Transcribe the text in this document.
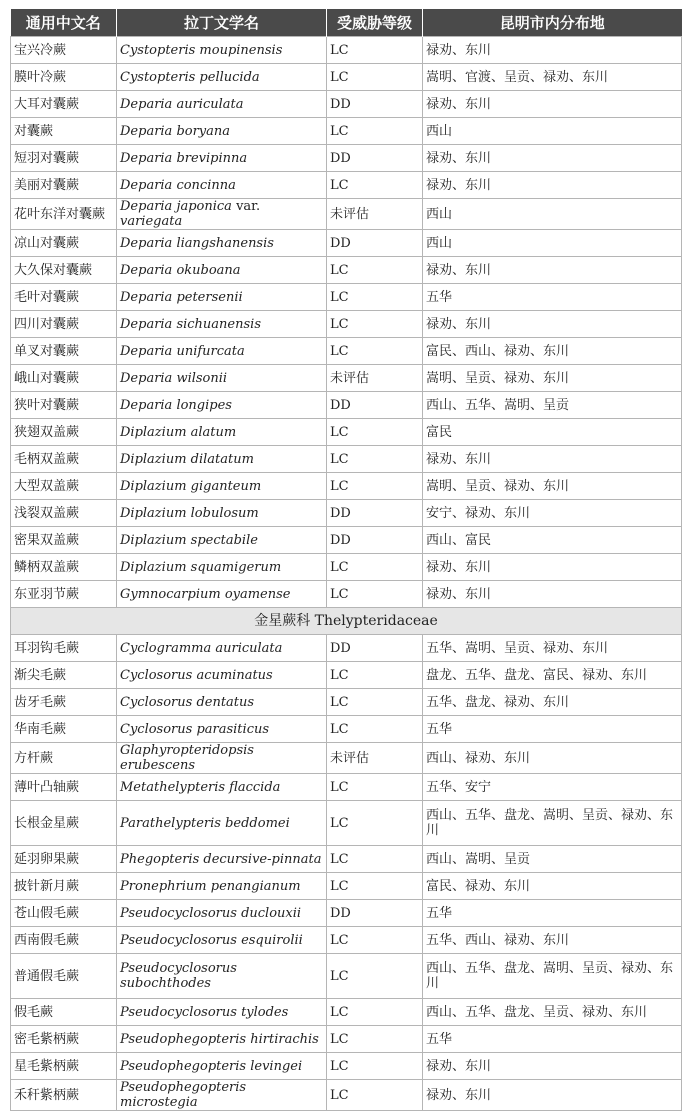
通用中文名	拉丁文学名	受威胁等级	昆明市内分布地
宝兴冷蕨	Cystopteris moupinensis	LC	禄劝、东川
膜叶冷蕨	Cystopteris pellucida	LC	嵩明、官渡、呈贡、禄劝、东川
大耳对囊蕨	Deparia auriculata	DD	禄劝、东川
对囊蕨	Deparia boryana	LC	西山
短羽对囊蕨	Deparia brevipinna	DD	禄劝、东川
美丽对囊蕨	Deparia concinna	LC	禄劝、东川
花叶东洋对囊蕨	Deparia japonica var. variegata	未评估	西山
凉山对囊蕨	Deparia liangshanensis	DD	西山
大久保对囊蕨	Deparia okuboana	LC	禄劝、东川
毛叶对囊蕨	Deparia petersenii	LC	五华
四川对囊蕨	Deparia sichuanensis	LC	禄劝、东川
单叉对囊蕨	Deparia unifurcata	LC	富民、西山、禄劝、东川
峨山对囊蕨	Deparia wilsonii	未评估	嵩明、呈贡、禄劝、东川
狭叶对囊蕨	Deparia longipes	DD	西山、五华、嵩明、呈贡
狭翅双盖蕨	Diplazium alatum	LC	富民
毛柄双盖蕨	Diplazium dilatatum	LC	禄劝、东川
大型双盖蕨	Diplazium giganteum	LC	嵩明、呈贡、禄劝、东川
浅裂双盖蕨	Diplazium lobulosum	DD	安宁、禄劝、东川
密果双盖蕨	Diplazium spectabile	DD	西山、富民
鳞柄双盖蕨	Diplazium squamigerum	LC	禄劝、东川
东亚羽节蕨	Gymnocarpium oyamense	LC	禄劝、东川
金星蕨科 Thelypteridaceae			
耳羽钩毛蕨	Cyclogramma auriculata	DD	五华、嵩明、呈贡、禄劝、东川
渐尖毛蕨	Cyclosorus acuminatus	LC	盘龙、五华、盘龙、富民、禄劝、东川
齿牙毛蕨	Cyclosorus dentatus	LC	五华、盘龙、禄劝、东川
华南毛蕨	Cyclosorus parasiticus	LC	五华
方杆蕨	Glaphyropteridopsis erubescens	未评估	西山、禄劝、东川
薄叶凸轴蕨	Metathelypteris flaccida	LC	五华、安宁
长根金星蕨	Parathelypteris beddomei	LC	西山、五华、盘龙、嵩明、呈贡、禄劝、东川
延羽卵果蕨	Phegopteris decursive-pinnata	LC	西山、嵩明、呈贡
披针新月蕨	Pronephrium penangianum	LC	富民、禄劝、东川
苍山假毛蕨	Pseudocyclosorus duclouxii	DD	五华
西南假毛蕨	Pseudocyclosorus esquirolii	LC	五华、西山、禄劝、东川
普通假毛蕨	Pseudocyclosorus subochthodes	LC	西山、五华、盘龙、嵩明、呈贡、禄劝、东川
假毛蕨	Pseudocyclosorus tylodes	LC	西山、五华、盘龙、呈贡、禄劝、东川
密毛紫柄蕨	Pseudophegopteris hirtirachis	LC	五华
星毛紫柄蕨	Pseudophegopteris levingei	LC	禄劝、东川
禾秆紫柄蕨	Pseudophegopteris microstegia	LC	禄劝、东川
